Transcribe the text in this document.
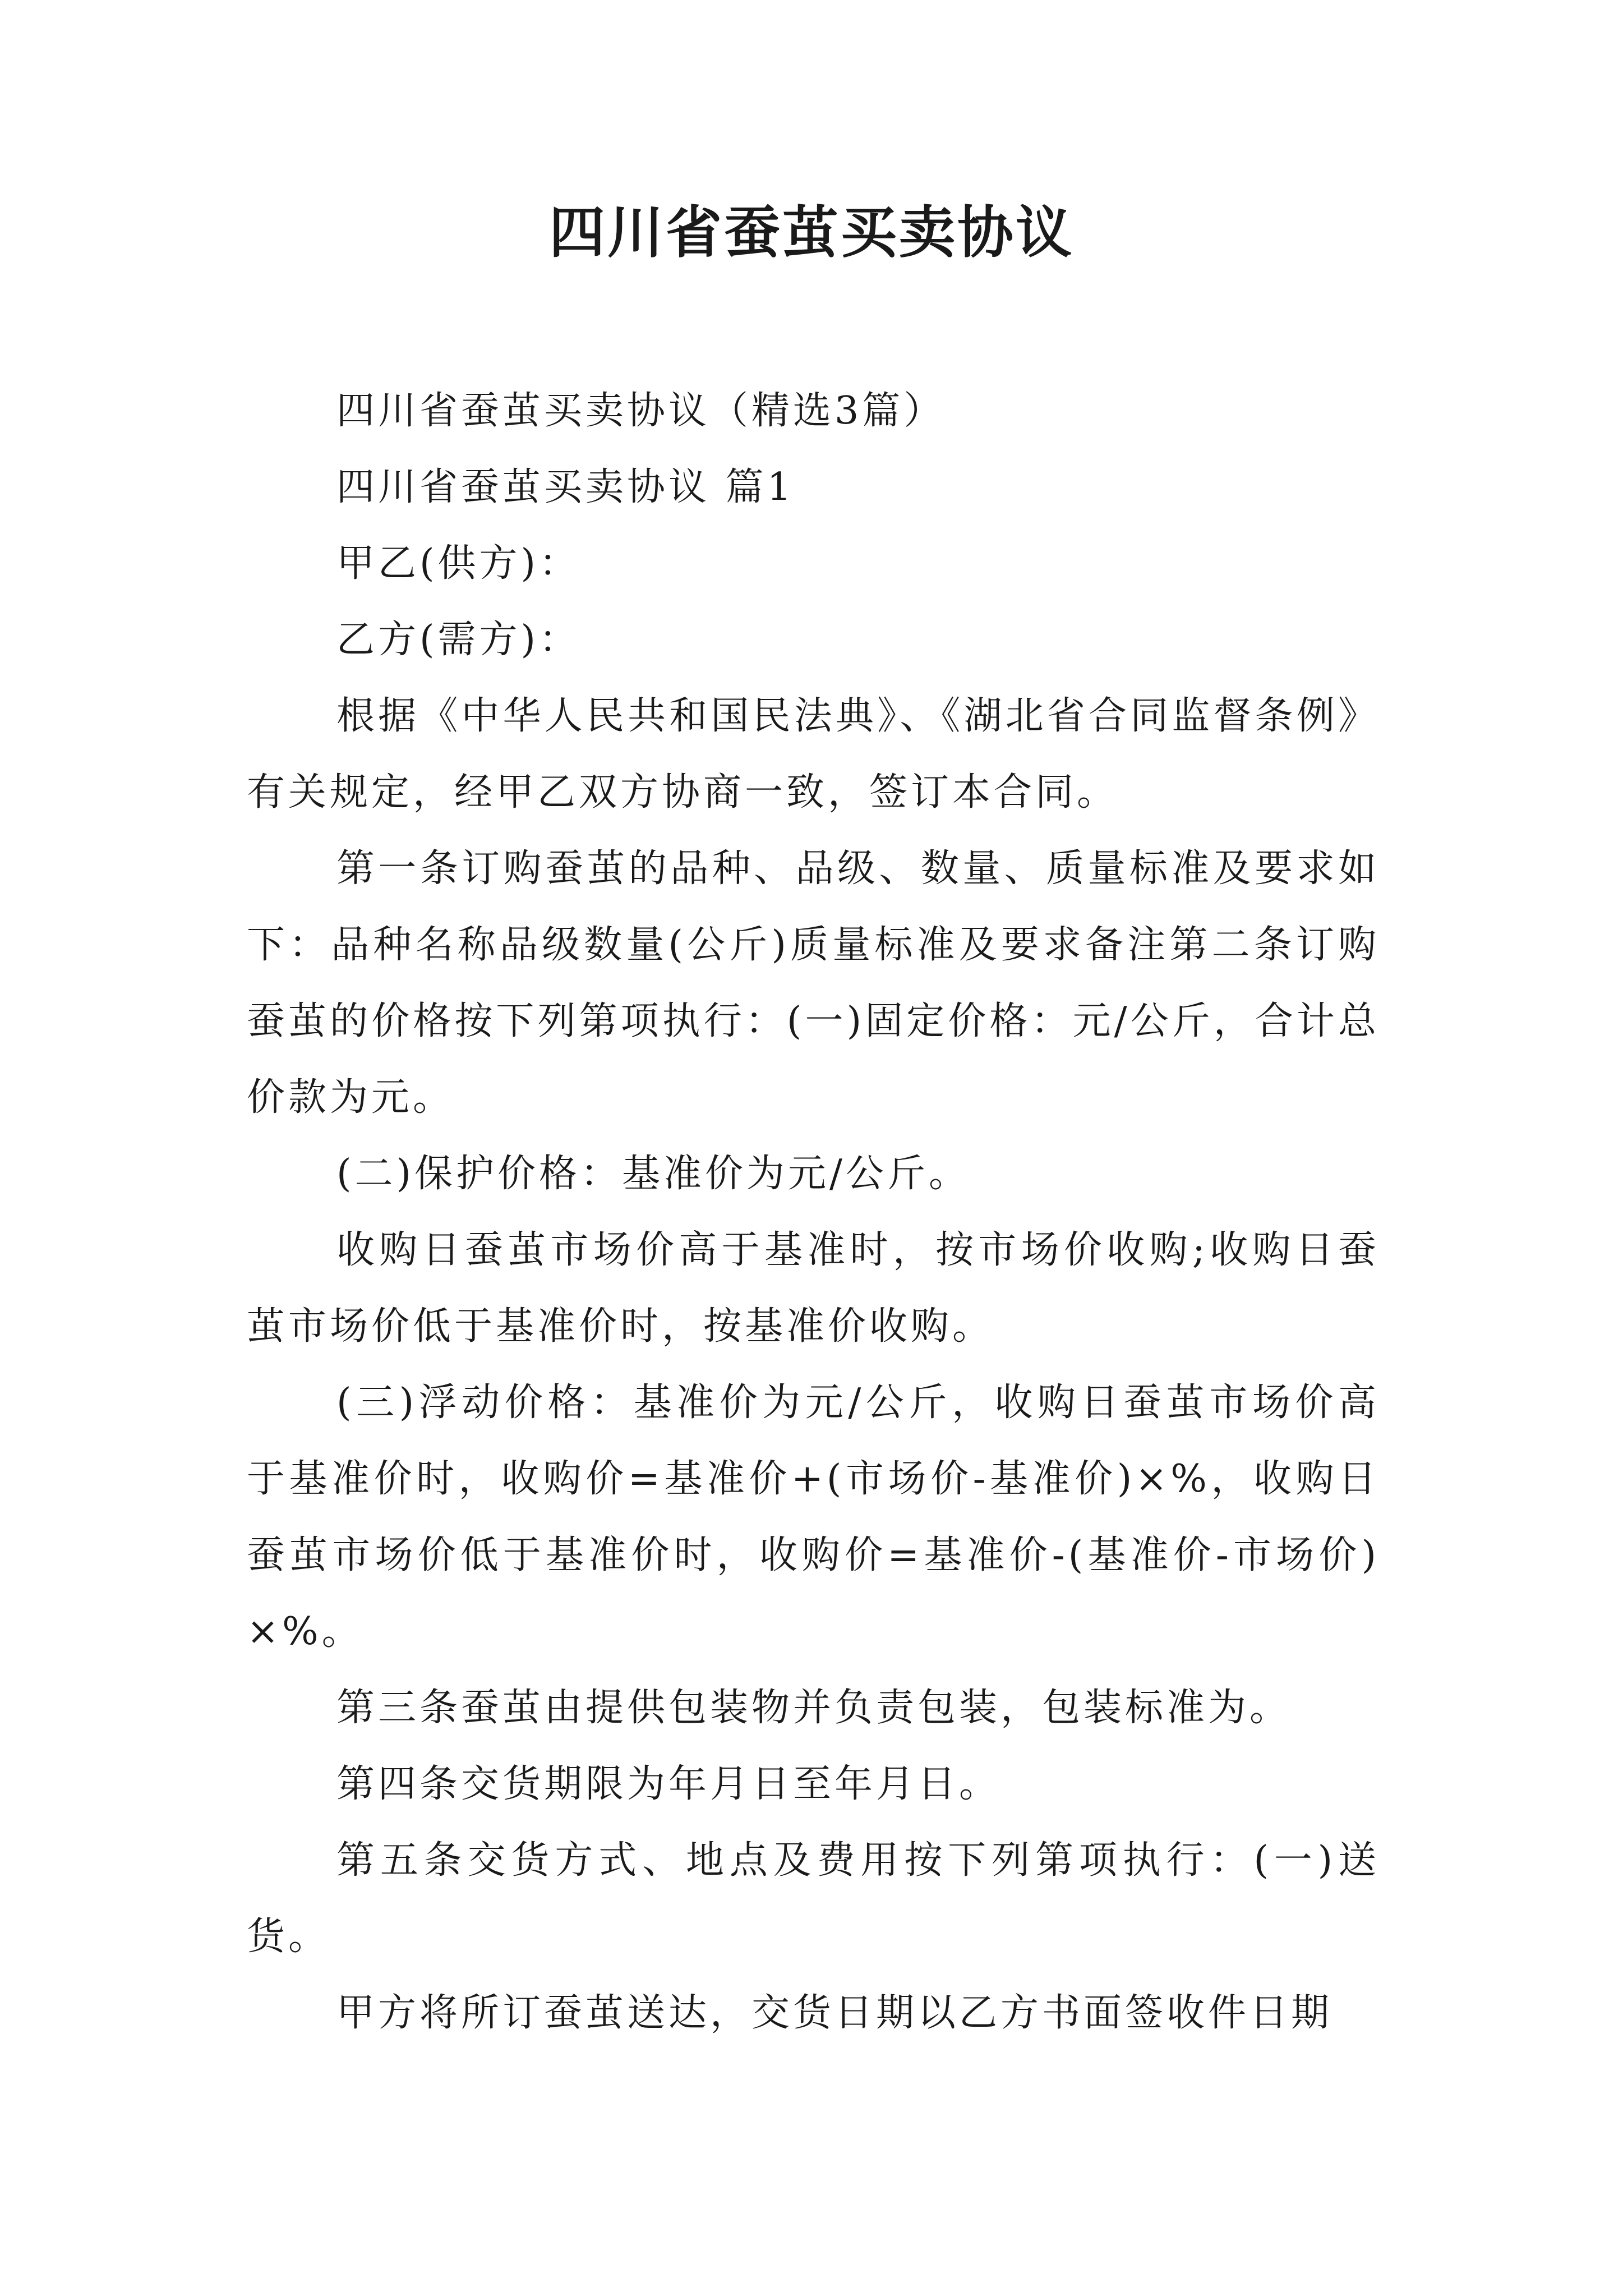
四川省蚕茧买卖协议

四川省蚕茧买卖协议（精选3篇）

四川省蚕茧买卖协议 篇1

甲乙(供方)：

乙方(需方)：

根据《中华人民共和国民法典》、《湖北省合同监督条例》有关规定，经甲乙双方协商一致，签订本合同。

第一条订购蚕茧的品种、品级、数量、质量标准及要求如下：品种名称品级数量(公斤)质量标准及要求备注第二条订购蚕茧的价格按下列第项执行：(一)固定价格：元/公斤，合计总价款为元。

(二)保护价格：基准价为元/公斤。

收购日蚕茧市场价高于基准时，按市场价收购;收购日蚕茧市场价低于基准价时，按基准价收购。

(三)浮动价格：基准价为元/公斤，收购日蚕茧市场价高于基准价时，收购价=基准价+(市场价-基准价)×%，收购日蚕茧市场价低于基准价时，收购价=基准价-(基准价-市场价)×%。

第三条蚕茧由提供包装物并负责包装，包装标准为。

第四条交货期限为年月日至年月日。

第五条交货方式、地点及费用按下列第项执行：(一)送货。

甲方将所订蚕茧送达，交货日期以乙方书面签收件日期
